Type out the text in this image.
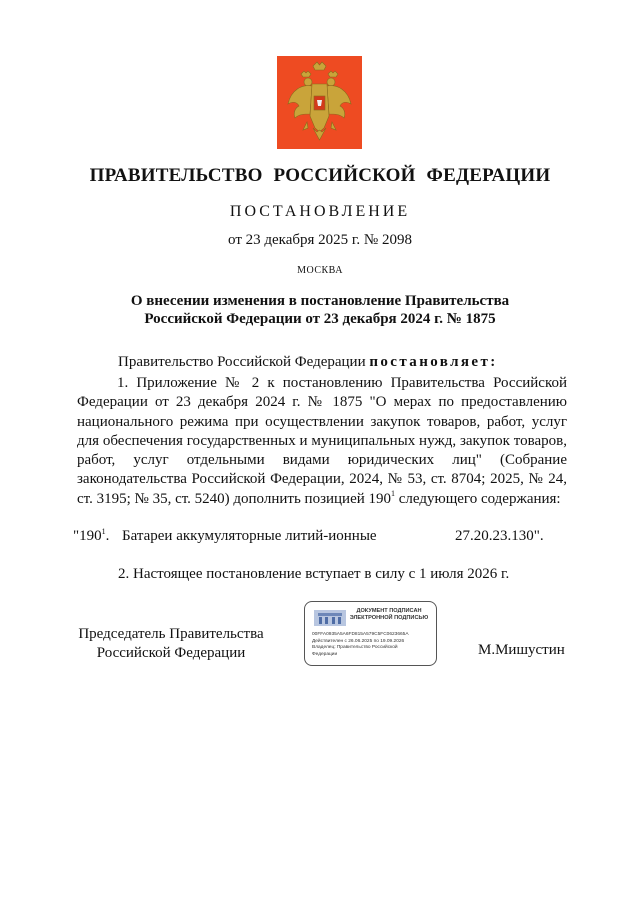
ПРАВИТЕЛЬСТВО РОССИЙСКОЙ ФЕДЕРАЦИИ
ПОСТАНОВЛЕНИЕ
от 23 декабря 2025 г. № 2098
МОСКВА
О внесении изменения в постановление Правительства
Российской Федерации от 23 декабря 2024 г. № 1875
Правительство Российской Федерации постановляет:
1. Приложение № 2 к постановлению Правительства Российской Федерации от 23 декабря 2024 г. № 1875 "О мерах по предоставлению национального режима при осуществлении закупок товаров, работ, услуг для обеспечения государственных и муниципальных нужд, закупок товаров, работ, услуг отдельными видами юридических лиц" (Собрание законодательства Российской Федерации, 2024, № 53, ст. 8704; 2025, № 24, ст. 3195; № 35, ст. 5240) дополнить позицией $190^1$ следующего содержания:
"$190^1$. Батареи аккумуляторные литий-ионные	27.20.23.130".
2. Настоящее постановление вступает в силу с 1 июля 2026 г.
Председатель Правительства
Российской Федерации
ДОКУМЕНТ ПОДПИСАН
ЭЛЕКТРОННОЙ ПОДПИСЬЮ
00FFA0935A5A6FD815A579C5FC0623665A
Действителен с 26.06.2025 по 19.09.2026
Владелец: Правительство Российской
Федерации	М.Мишустин
